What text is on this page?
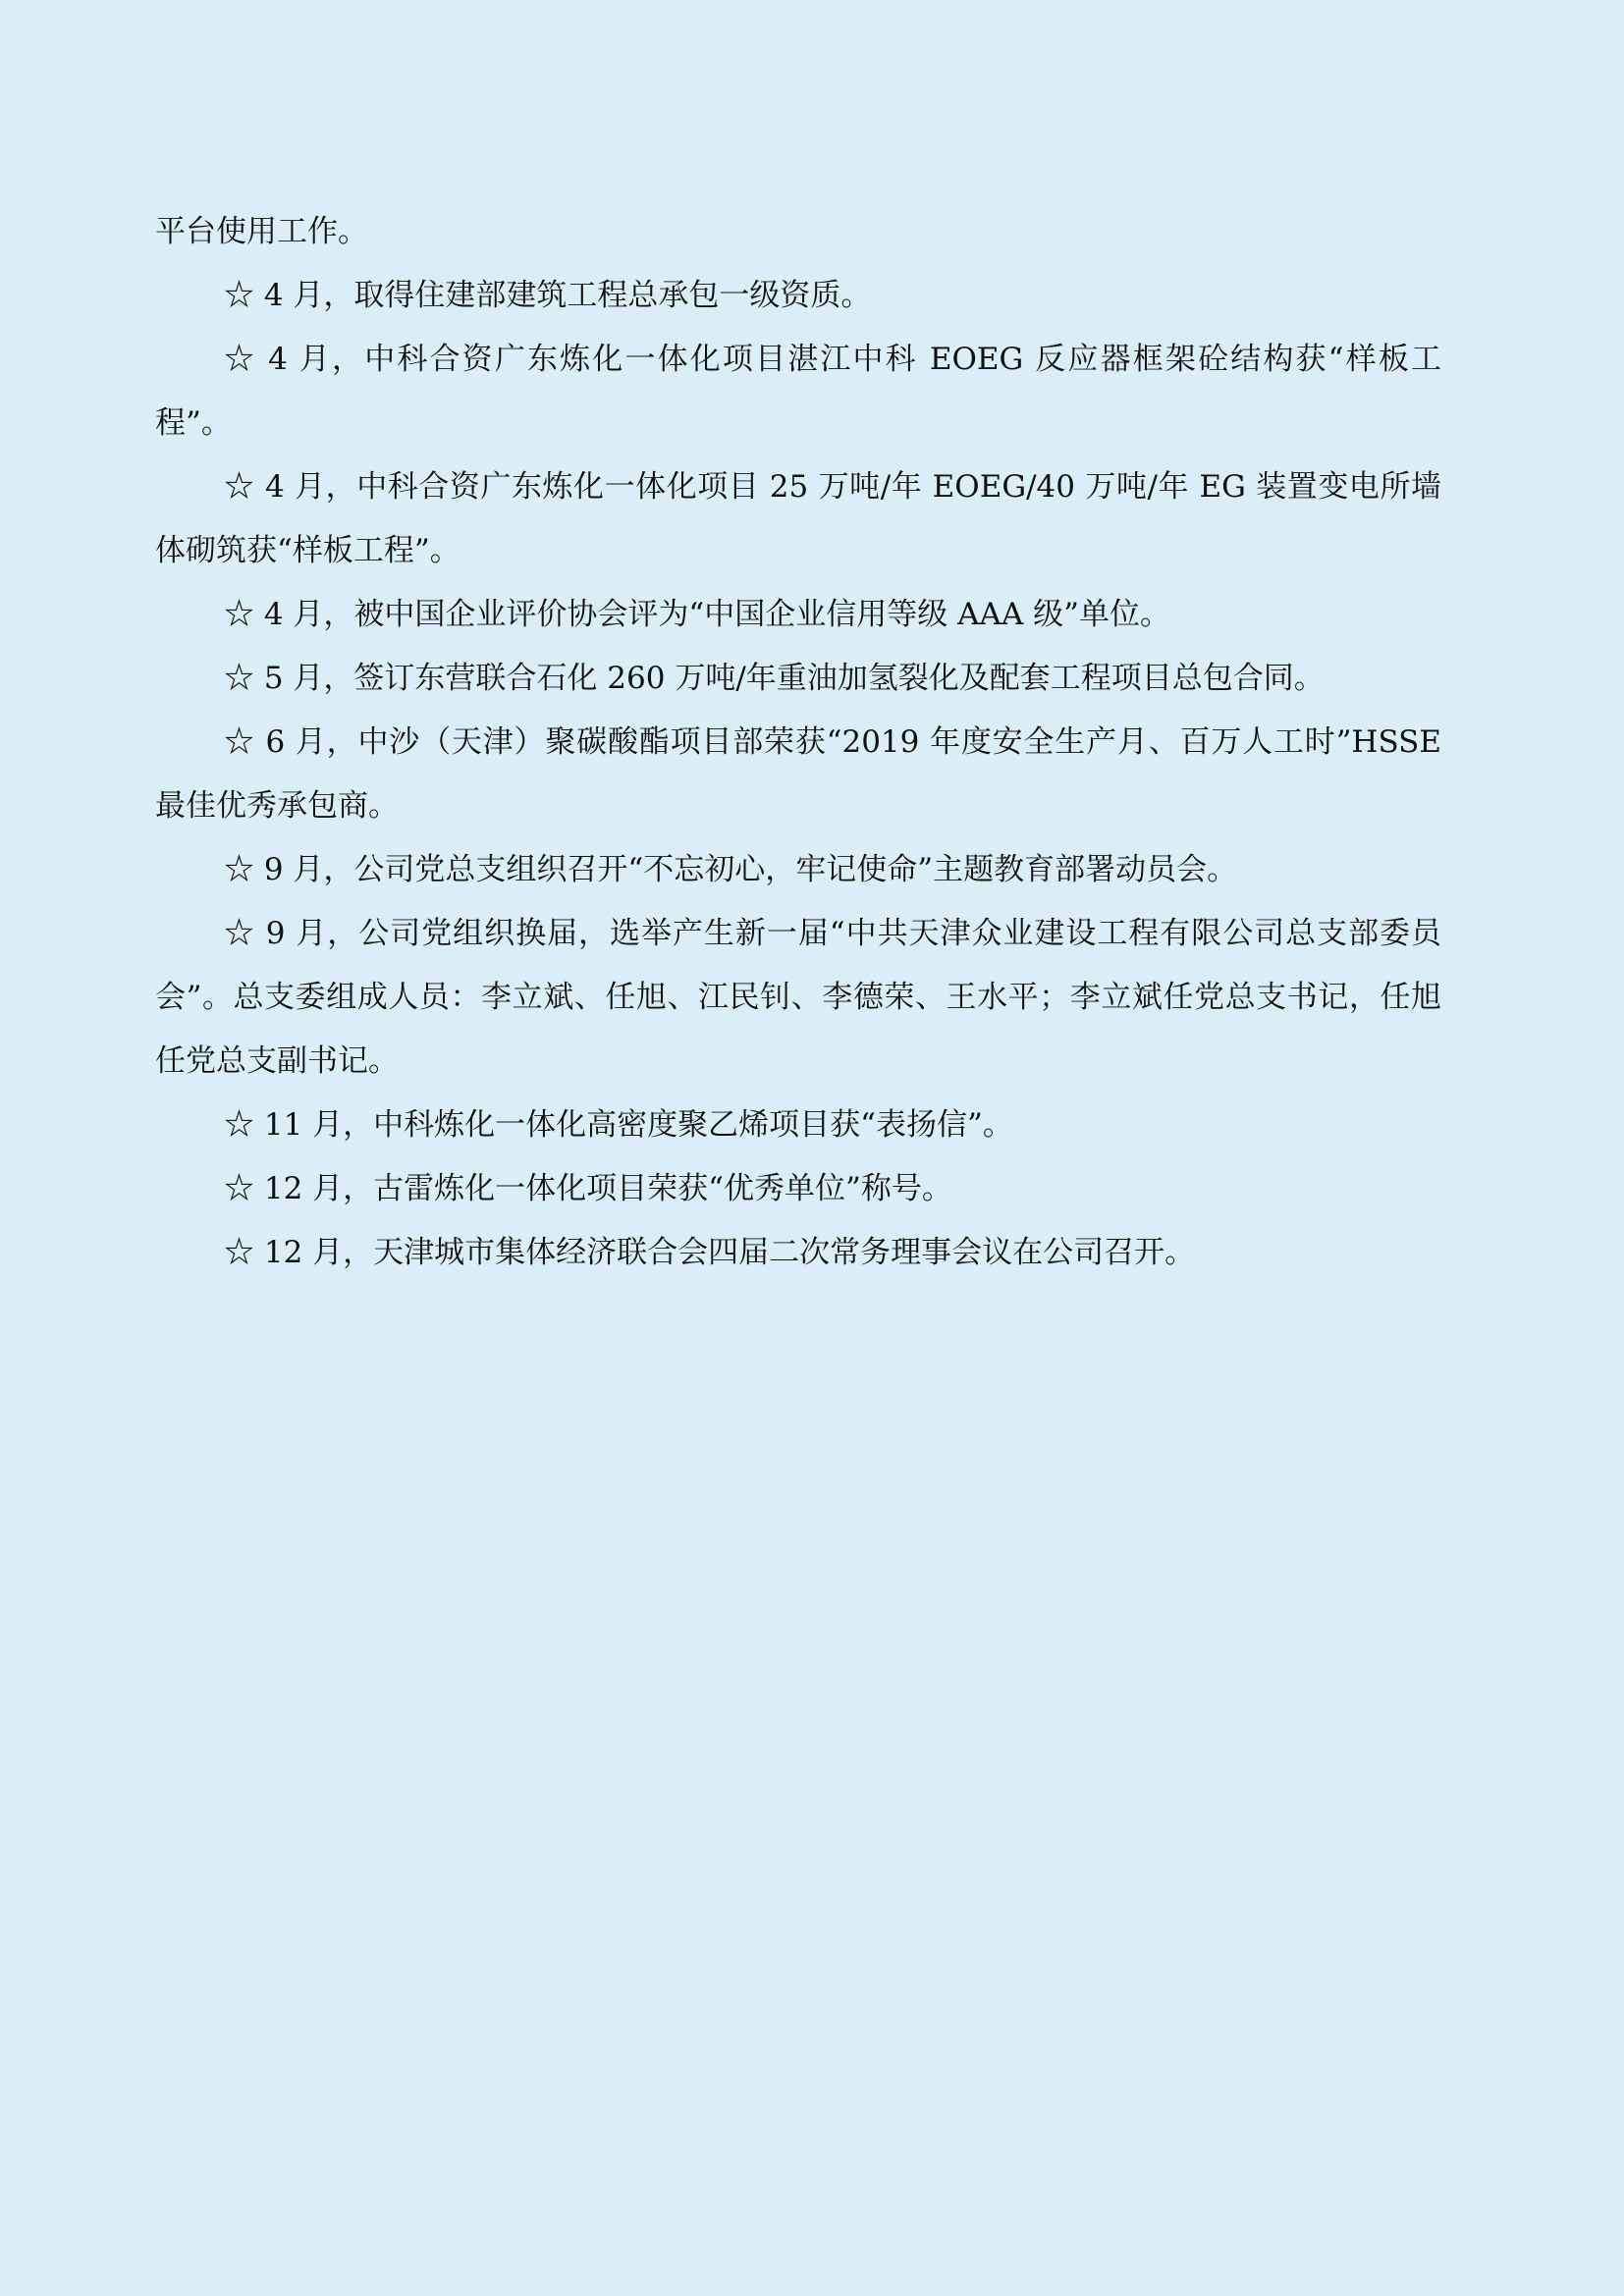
平台使用工作。

☆ 4 月，取得住建部建筑工程总承包一级资质。

☆ 4 月，中科合资广东炼化一体化项目湛江中科 EOEG 反应器框架砼结构获“样板工程”。

☆ 4 月，中科合资广东炼化一体化项目 25 万吨/年 EOEG/40 万吨/年 EG 装置变电所墙体砌筑获“样板工程”。

☆ 4 月，被中国企业评价协会评为“中国企业信用等级 AAA 级”单位。

☆ 5 月，签订东营联合石化 260 万吨/年重油加氢裂化及配套工程项目总包合同。

☆ 6 月，中沙（天津）聚碳酸酯项目部荣获“2019 年度安全生产月、百万人工时”HSSE 最佳优秀承包商。

☆ 9 月，公司党总支组织召开“不忘初心，牢记使命”主题教育部署动员会。

☆ 9 月，公司党组织换届，选举产生新一届“中共天津众业建设工程有限公司总支部委员会”。总支委组成人员：李立斌、任旭、江民钊、李德荣、王水平；李立斌任党总支书记，任旭任党总支副书记。

☆ 11 月，中科炼化一体化高密度聚乙烯项目获“表扬信”。

☆ 12 月，古雷炼化一体化项目荣获“优秀单位”称号。

☆ 12 月，天津城市集体经济联合会四届二次常务理事会议在公司召开。
